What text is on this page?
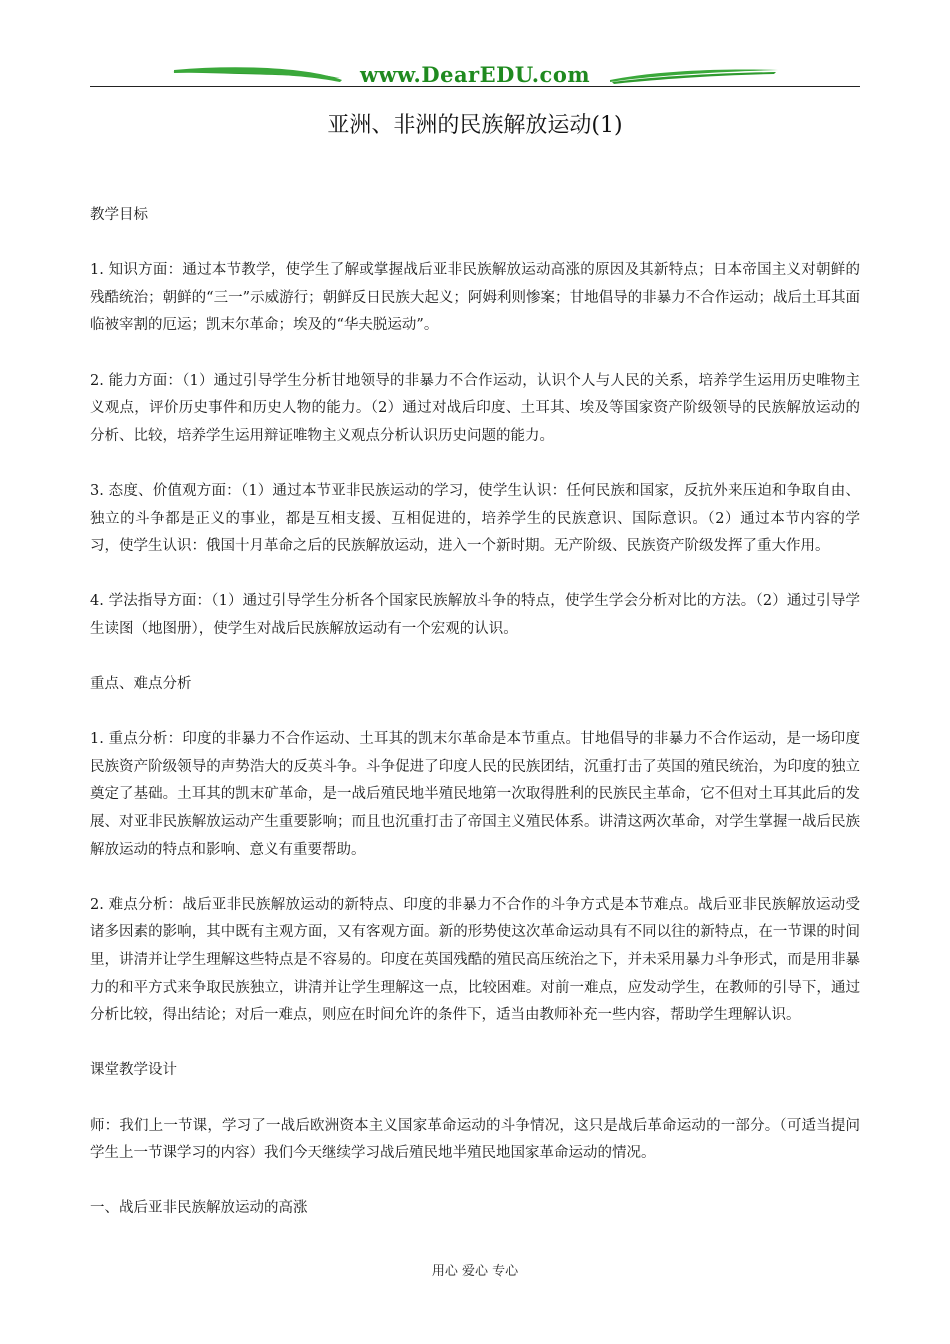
www.DearEDU.com
亚洲、非洲的民族解放运动(1)

教学目标

1. 知识方面：通过本节教学，使学生了解或掌握战后亚非民族解放运动高涨的原因及其新特点；日本帝国主义对朝鲜的残酷统治；朝鲜的“三一”示威游行；朝鲜反日民族大起义；阿姆利则惨案；甘地倡导的非暴力不合作运动；战后土耳其面临被宰割的厄运；凯末尔革命；埃及的“华夫脱运动”。

2. 能力方面：（1）通过引导学生分析甘地领导的非暴力不合作运动，认识个人与人民的关系，培养学生运用历史唯物主义观点，评价历史事件和历史人物的能力。（2）通过对战后印度、土耳其、埃及等国家资产阶级领导的民族解放运动的分析、比较，培养学生运用辩证唯物主义观点分析认识历史问题的能力。

3. 态度、价值观方面：（1）通过本节亚非民族运动的学习，使学生认识：任何民族和国家，反抗外来压迫和争取自由、独立的斗争都是正义的事业，都是互相支援、互相促进的，培养学生的民族意识、国际意识。（2）通过本节内容的学习，使学生认识：俄国十月革命之后的民族解放运动，进入一个新时期。无产阶级、民族资产阶级发挥了重大作用。

4. 学法指导方面：（1）通过引导学生分析各个国家民族解放斗争的特点，使学生学会分析对比的方法。（2）通过引导学生读图（地图册），使学生对战后民族解放运动有一个宏观的认识。

重点、难点分析

1. 重点分析：印度的非暴力不合作运动、土耳其的凯末尔革命是本节重点。甘地倡导的非暴力不合作运动，是一场印度民族资产阶级领导的声势浩大的反英斗争。斗争促进了印度人民的民族团结，沉重打击了英国的殖民统治，为印度的独立奠定了基础。土耳其的凯末矿革命，是一战后殖民地半殖民地第一次取得胜利的民族民主革命，它不但对土耳其此后的发展、对亚非民族解放运动产生重要影响；而且也沉重打击了帝国主义殖民体系。讲清这两次革命，对学生掌握一战后民族解放运动的特点和影响、意义有重要帮助。

2. 难点分析：战后亚非民族解放运动的新特点、印度的非暴力不合作的斗争方式是本节难点。战后亚非民族解放运动受诸多因素的影响，其中既有主观方面，又有客观方面。新的形势使这次革命运动具有不同以往的新特点，在一节课的时间里，讲清并让学生理解这些特点是不容易的。印度在英国残酷的殖民高压统治之下，并未采用暴力斗争形式，而是用非暴力的和平方式来争取民族独立，讲清并让学生理解这一点，比较困难。对前一难点，应发动学生，在教师的引导下，通过分析比较，得出结论；对后一难点，则应在时间允许的条件下，适当由教师补充一些内容，帮助学生理解认识。

课堂教学设计

师：我们上一节课，学习了一战后欧洲资本主义国家革命运动的斗争情况，这只是战后革命运动的一部分。（可适当提问学生上一节课学习的内容）我们今天继续学习战后殖民地半殖民地国家革命运动的情况。

一、战后亚非民族解放运动的高涨

用心 爱心 专心
